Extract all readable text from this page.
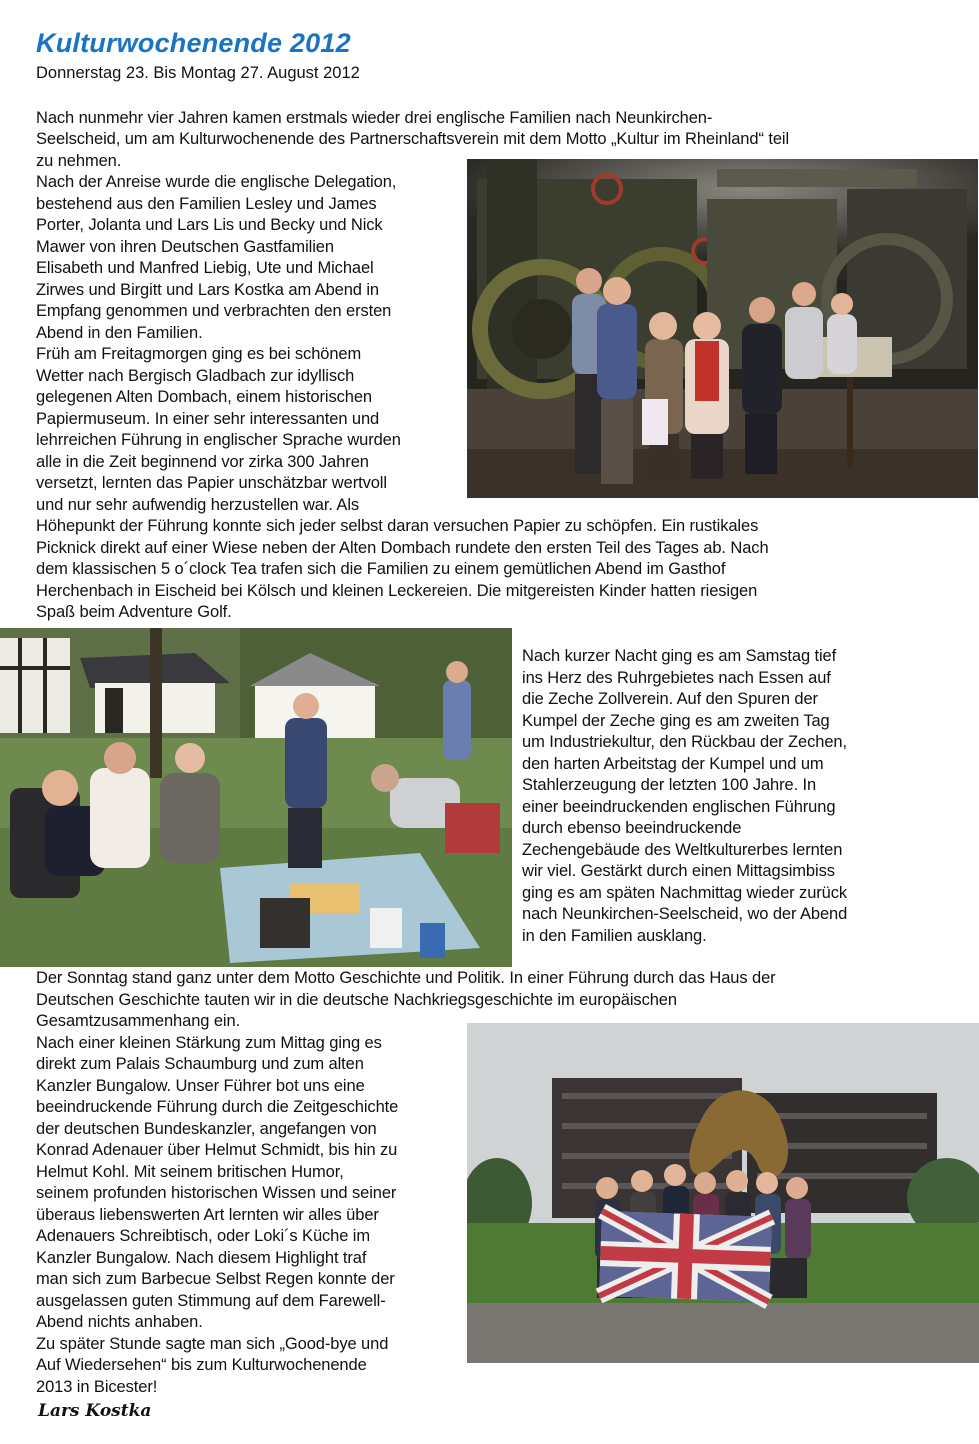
Kulturwochenende 2012
Donnerstag 23. Bis Montag 27. August 2012
Nach nunmehr vier Jahren kamen erstmals wieder drei englische Familien nach Neunkirchen-
Seelscheid, um am Kulturwochenende des Partnerschaftsverein mit dem Motto „Kultur im Rheinland“ teil
zu nehmen.
Nach der Anreise wurde die englische Delegation,
bestehend aus den Familien Lesley und James
Porter, Jolanta und Lars Lis und Becky und Nick
Mawer von ihren Deutschen Gastfamilien
Elisabeth und Manfred Liebig, Ute und Michael
Zirwes und Birgitt und Lars Kostka am Abend in
Empfang genommen und verbrachten den ersten
Abend in den Familien.
Früh am Freitagmorgen ging es bei schönem
Wetter nach Bergisch Gladbach zur idyllisch
gelegenen Alten Dombach, einem historischen
Papiermuseum. In einer sehr interessanten und
lehrreichen Führung in englischer Sprache wurden
alle in die Zeit beginnend vor zirka 300 Jahren
versetzt, lernten das Papier unschätzbar wertvoll
und nur sehr aufwendig herzustellen war. Als
Höhepunkt der Führung konnte sich jeder selbst daran versuchen Papier zu schöpfen. Ein rustikales
Picknick direkt auf einer Wiese neben der Alten Dombach rundete den ersten Teil des Tages ab. Nach
dem klassischen 5 o´clock Tea trafen sich die Familien zu einem gemütlichen Abend im Gasthof
Herchenbach in Eischeid bei Kölsch und kleinen Leckereien. Die mitgereisten Kinder hatten riesigen
Spaß beim Adventure Golf.
Nach kurzer Nacht ging es am Samstag tief
ins Herz des Ruhrgebietes nach Essen auf
die Zeche Zollverein. Auf den Spuren der
Kumpel der Zeche ging es am zweiten Tag
um Industriekultur, den Rückbau der Zechen,
den harten Arbeitstag der Kumpel und um
Stahlerzeugung der letzten 100 Jahre. In
einer beeindruckenden englischen Führung
durch ebenso beeindruckende
Zechengebäude des Weltkulturerbes lernten
wir viel. Gestärkt durch einen Mittagsimbiss
ging es am späten Nachmittag wieder zurück
nach Neunkirchen-Seelscheid, wo der Abend
in den Familien ausklang.
Der Sonntag stand ganz unter dem Motto Geschichte und Politik. In einer Führung durch das Haus der
Deutschen Geschichte tauten wir in die deutsche Nachkriegsgeschichte im europäischen
Gesamtzusammenhang ein.
Nach einer kleinen Stärkung zum Mittag ging es
direkt zum Palais Schaumburg und zum alten
Kanzler Bungalow. Unser Führer bot uns eine
beeindruckende Führung durch die Zeitgeschichte
der deutschen Bundeskanzler, angefangen von
Konrad Adenauer über Helmut Schmidt, bis hin zu
Helmut Kohl. Mit seinem britischen Humor,
seinem profunden historischen Wissen und seiner
überaus liebenswerten Art lernten wir alles über
Adenauers Schreibtisch, oder Loki´s Küche im
Kanzler Bungalow. Nach diesem Highlight traf
man sich zum Barbecue Selbst Regen konnte der
ausgelassen guten Stimmung auf dem Farewell-
Abend nichts anhaben.
Zu später Stunde sagte man sich „Good-bye und
Auf Wiedersehen“ bis zum Kulturwochenende
2013 in Bicester!
Lars Kostka
